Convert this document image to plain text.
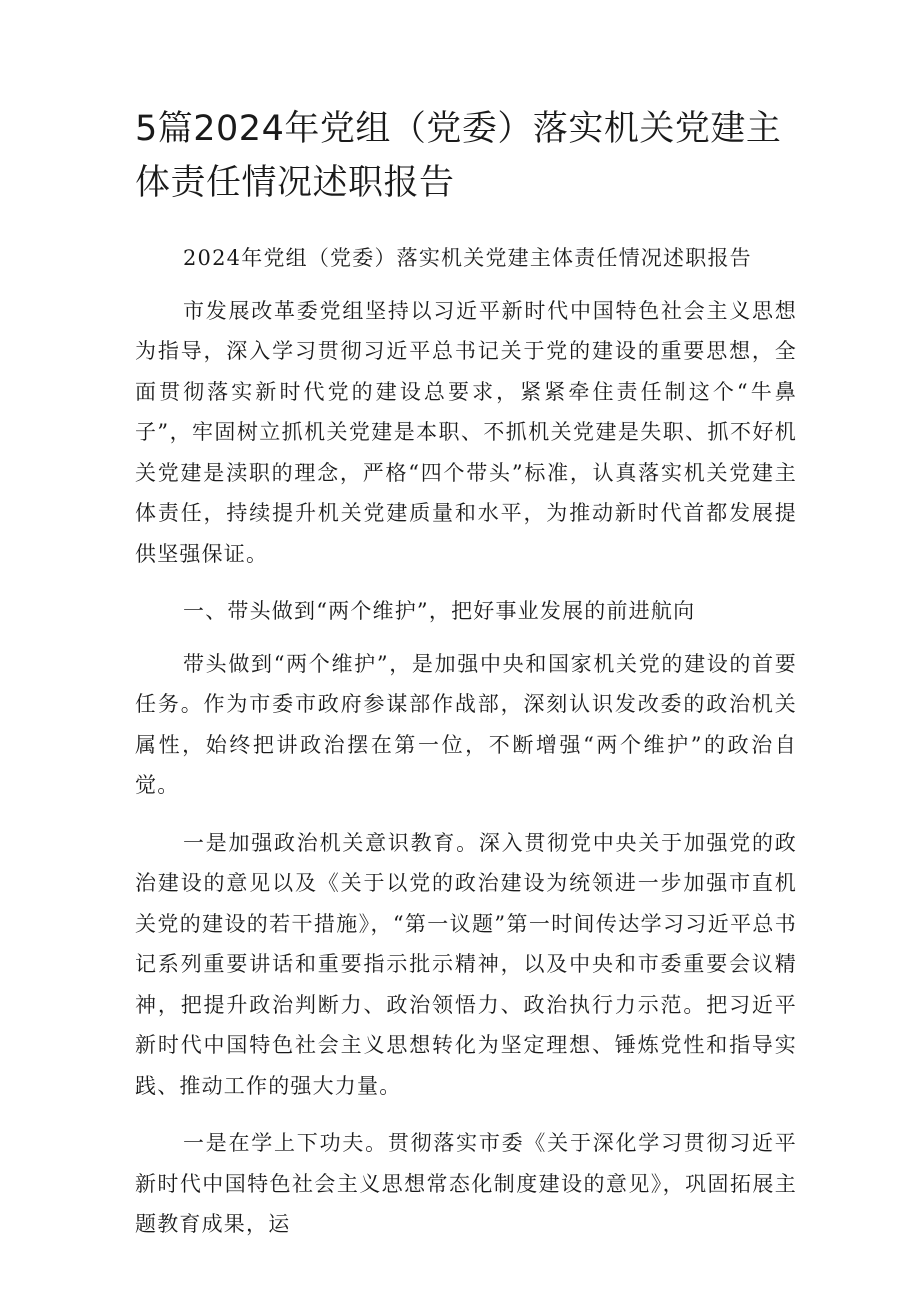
5篇2024年党组（党委）落实机关党建主体责任情况述职报告

2024年党组（党委）落实机关党建主体责任情况述职报告

市发展改革委党组坚持以习近平新时代中国特色社会主义思想为指导，深入学习贯彻习近平总书记关于党的建设的重要思想，全面贯彻落实新时代党的建设总要求，紧紧牵住责任制这个“牛鼻子”，牢固树立抓机关党建是本职、不抓机关党建是失职、抓不好机关党建是渎职的理念，严格“四个带头”标准，认真落实机关党建主体责任，持续提升机关党建质量和水平，为推动新时代首都发展提供坚强保证。

一、带头做到“两个维护”，把好事业发展的前进航向

带头做到“两个维护”，是加强中央和国家机关党的建设的首要任务。作为市委市政府参谋部作战部，深刻认识发改委的政治机关属性，始终把讲政治摆在第一位，不断增强“两个维护”的政治自觉。

一是加强政治机关意识教育。深入贯彻党中央关于加强党的政治建设的意见以及《关于以党的政治建设为统领进一步加强市直机关党的建设的若干措施》，“第一议题”第一时间传达学习习近平总书记系列重要讲话和重要指示批示精神，以及中央和市委重要会议精神，把提升政治判断力、政治领悟力、政治执行力示范。把习近平新时代中国特色社会主义思想转化为坚定理想、锤炼党性和指导实践、推动工作的强大力量。

一是在学上下功夫。贯彻落实市委《关于深化学习贯彻习近平新时代中国特色社会主义思想常态化制度建设的意见》，巩固拓展主题教育成果，运
